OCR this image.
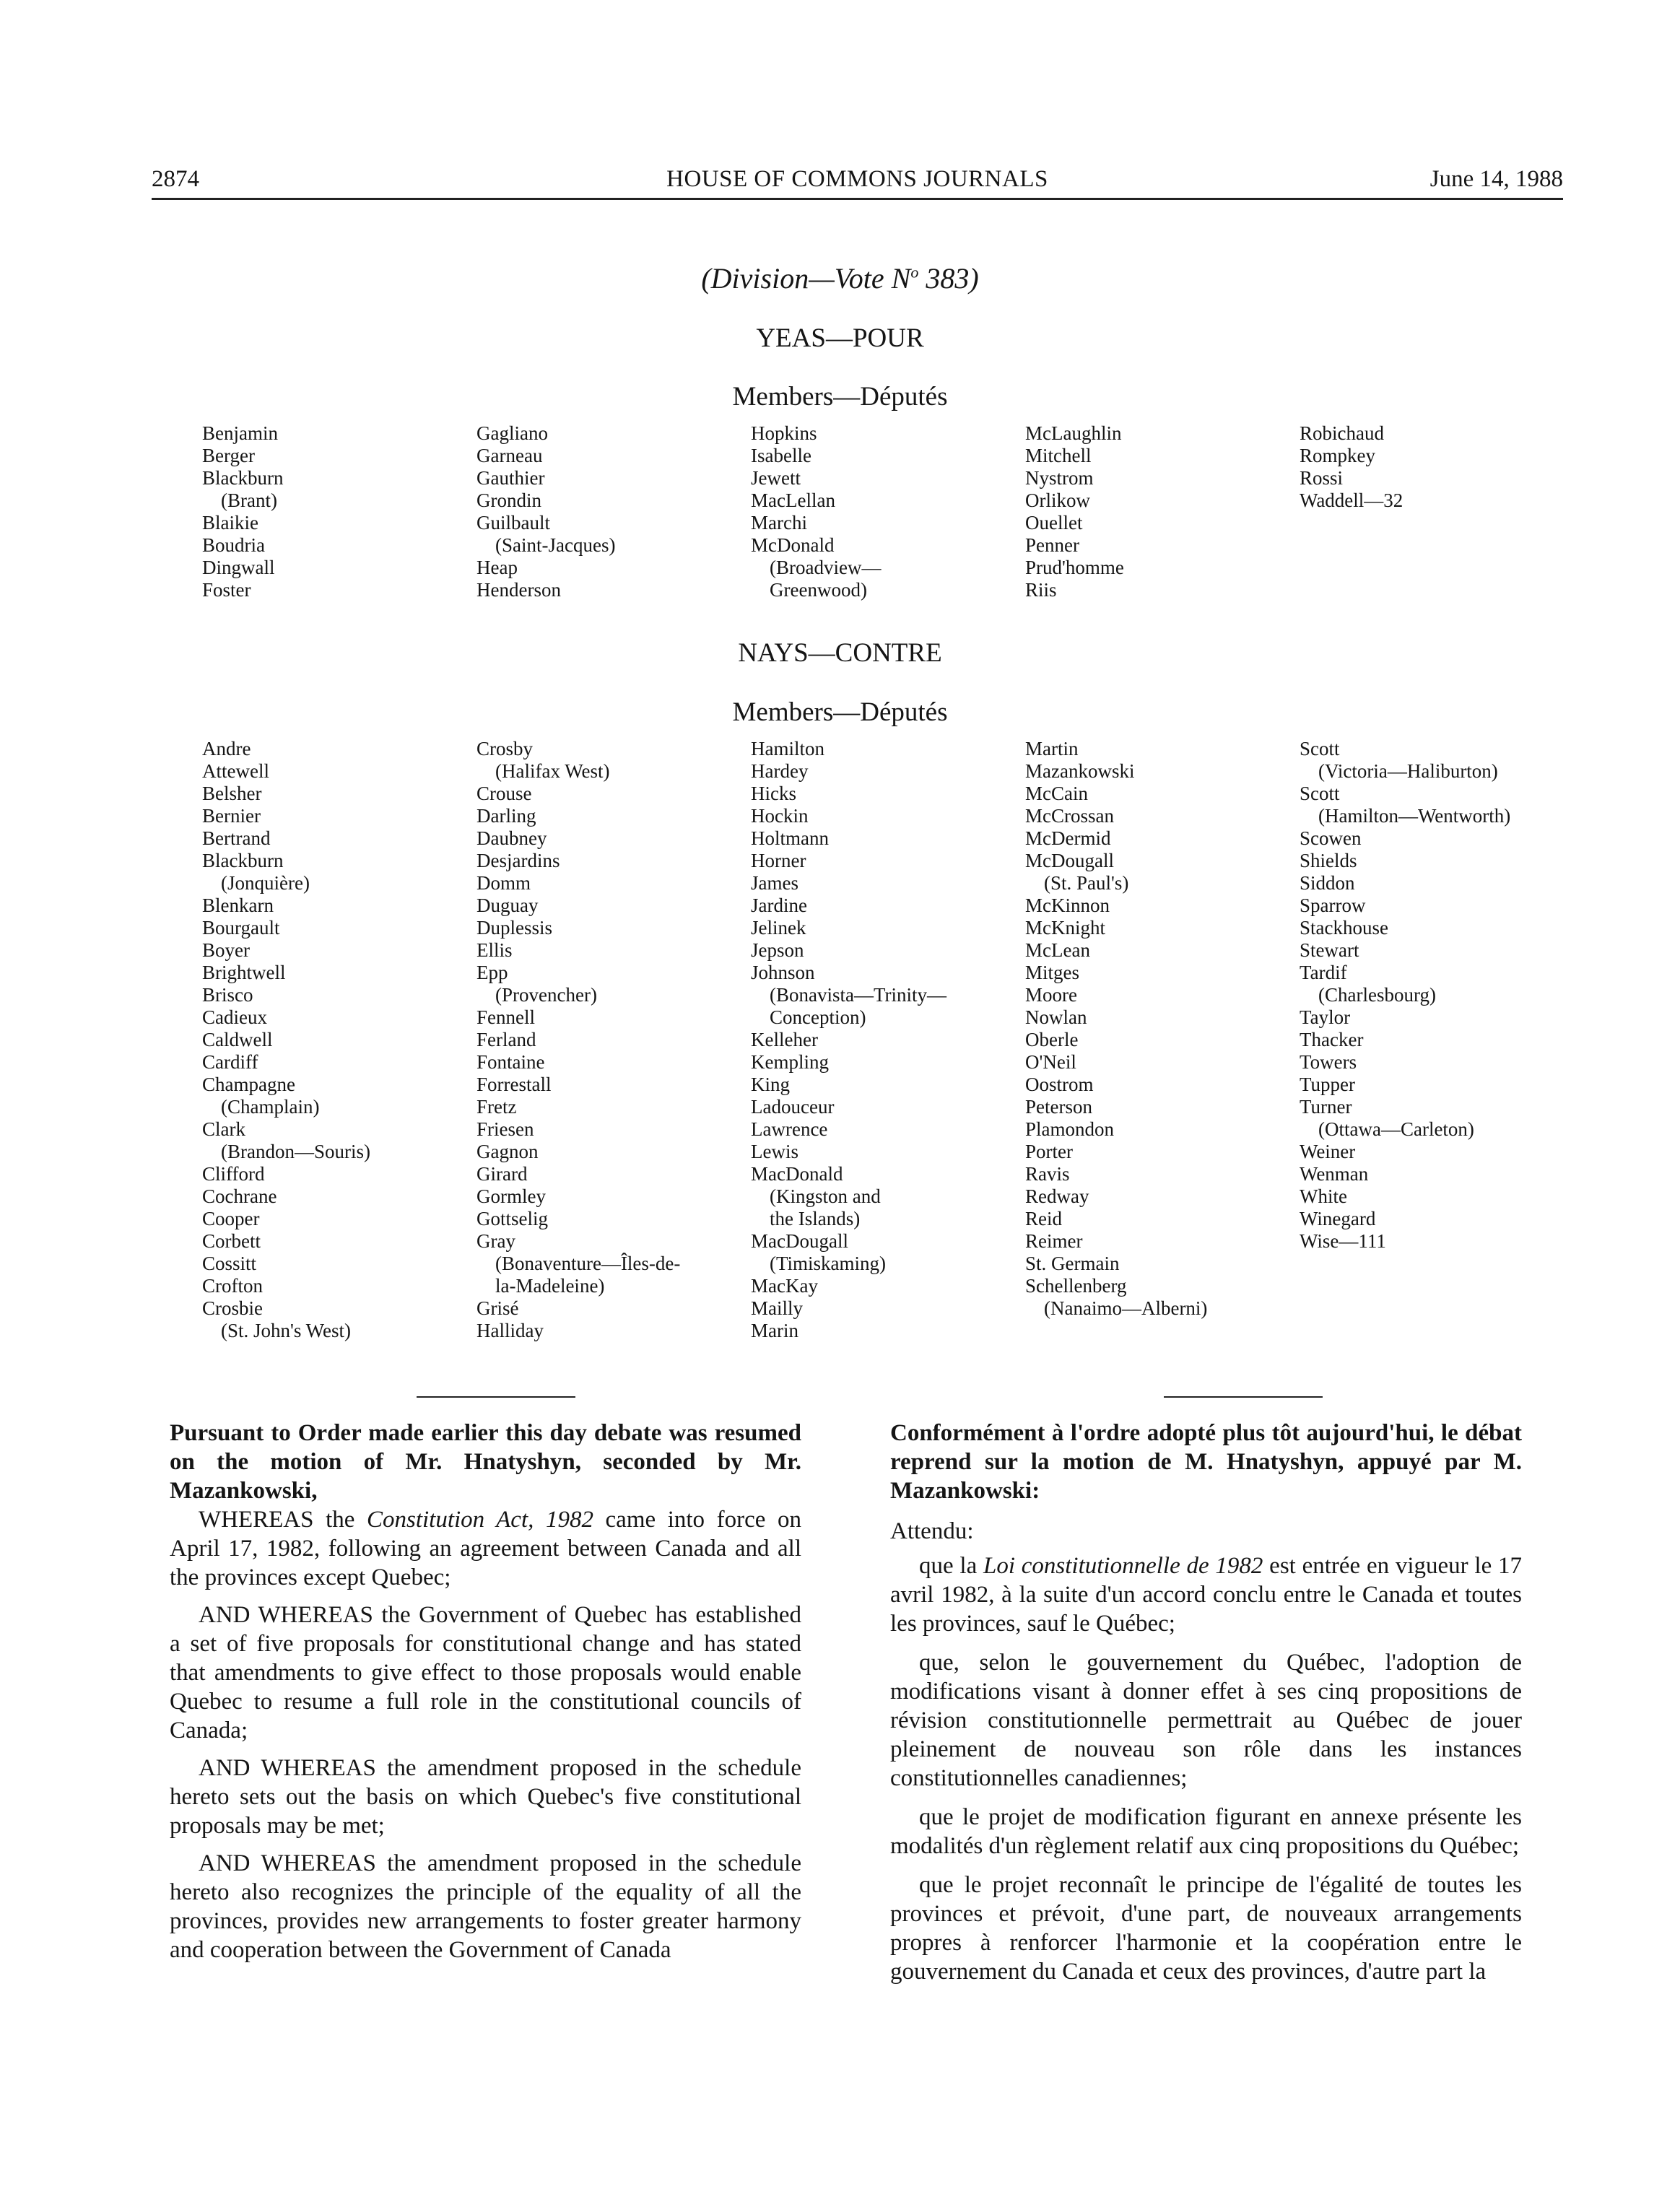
2874	HOUSE OF COMMONS JOURNALS	June 14, 1988
(Division—Vote $N^o$ 383)
YEAS—POUR
Members—Députés
Benjamin
Berger
Blackburn
(Brant)
Blaikie
Boudria
Dingwall
Foster
Gagliano
Garneau
Gauthier
Grondin
Guilbault
(Saint-Jacques)
Heap
Henderson
Hopkins
Isabelle
Jewett
MacLellan
Marchi
McDonald
(Broadview—
Greenwood)
McLaughlin
Mitchell
Nystrom
Orlikow
Ouellet
Penner
Prud'homme
Riis
Robichaud
Rompkey
Rossi
Waddell—32
NAYS—CONTRE
Members—Députés
Andre
Attewell
Belsher
Bernier
Bertrand
Blackburn
(Jonquière)
Blenkarn
Bourgault
Boyer
Brightwell
Brisco
Cadieux
Caldwell
Cardiff
Champagne
(Champlain)
Clark
(Brandon—Souris)
Clifford
Cochrane
Cooper
Corbett
Cossitt
Crofton
Crosbie
(St. John's West)
Crosby
(Halifax West)
Crouse
Darling
Daubney
Desjardins
Domm
Duguay
Duplessis
Ellis
Epp
(Provencher)
Fennell
Ferland
Fontaine
Forrestall
Fretz
Friesen
Gagnon
Girard
Gormley
Gottselig
Gray
(Bonaventure—Îles-de-
la-Madeleine)
Grisé
Halliday
Hamilton
Hardey
Hicks
Hockin
Holtmann
Horner
James
Jardine
Jelinek
Jepson
Johnson
(Bonavista—Trinity—
Conception)
Kelleher
Kempling
King
Ladouceur
Lawrence
Lewis
MacDonald
(Kingston and
the Islands)
MacDougall
(Timiskaming)
MacKay
Mailly
Marin
Martin
Mazankowski
McCain
McCrossan
McDermid
McDougall
(St. Paul's)
McKinnon
McKnight
McLean
Mitges
Moore
Nowlan
Oberle
O'Neil
Oostrom
Peterson
Plamondon
Porter
Ravis
Redway
Reid
Reimer
St. Germain
Schellenberg
(Nanaimo—Alberni)
Scott
(Victoria—Haliburton)
Scott
(Hamilton—Wentworth)
Scowen
Shields
Siddon
Sparrow
Stackhouse
Stewart
Tardif
(Charlesbourg)
Taylor
Thacker
Towers
Tupper
Turner
(Ottawa—Carleton)
Weiner
Wenman
White
Winegard
Wise—111

Pursuant to Order made earlier this day debate was resumed on the motion of Mr. Hnatyshyn, seconded by Mr. Mazankowski,

WHEREAS the Constitution Act, 1982 came into force on April 17, 1982, following an agreement between Canada and all the provinces except Quebec;

AND WHEREAS the Government of Quebec has established a set of five proposals for constitutional change and has stated that amendments to give effect to those proposals would enable Quebec to resume a full role in the constitutional councils of Canada;

AND WHEREAS the amendment proposed in the schedule hereto sets out the basis on which Quebec's five constitutional proposals may be met;

AND WHEREAS the amendment proposed in the schedule hereto also recognizes the principle of the equality of all the provinces, provides new arrangements to foster greater harmony and cooperation between the Government of Canada

Conformément à l'ordre adopté plus tôt aujourd'hui, le débat reprend sur la motion de M. Hnatyshyn, appuyé par M. Mazankowski:

Attendu:

que la Loi constitutionnelle de 1982 est entrée en vigueur le 17 avril 1982, à la suite d'un accord conclu entre le Canada et toutes les provinces, sauf le Québec;

que, selon le gouvernement du Québec, l'adoption de modifications visant à donner effet à ses cinq propositions de révision constitutionnelle permettrait au Québec de jouer pleinement de nouveau son rôle dans les instances constitutionnelles canadiennes;

que le projet de modification figurant en annexe présente les modalités d'un règlement relatif aux cinq propositions du Québec;

que le projet reconnaît le principe de l'égalité de toutes les provinces et prévoit, d'une part, de nouveaux arrangements propres à renforcer l'harmonie et la coopération entre le gouvernement du Canada et ceux des provinces, d'autre part la
